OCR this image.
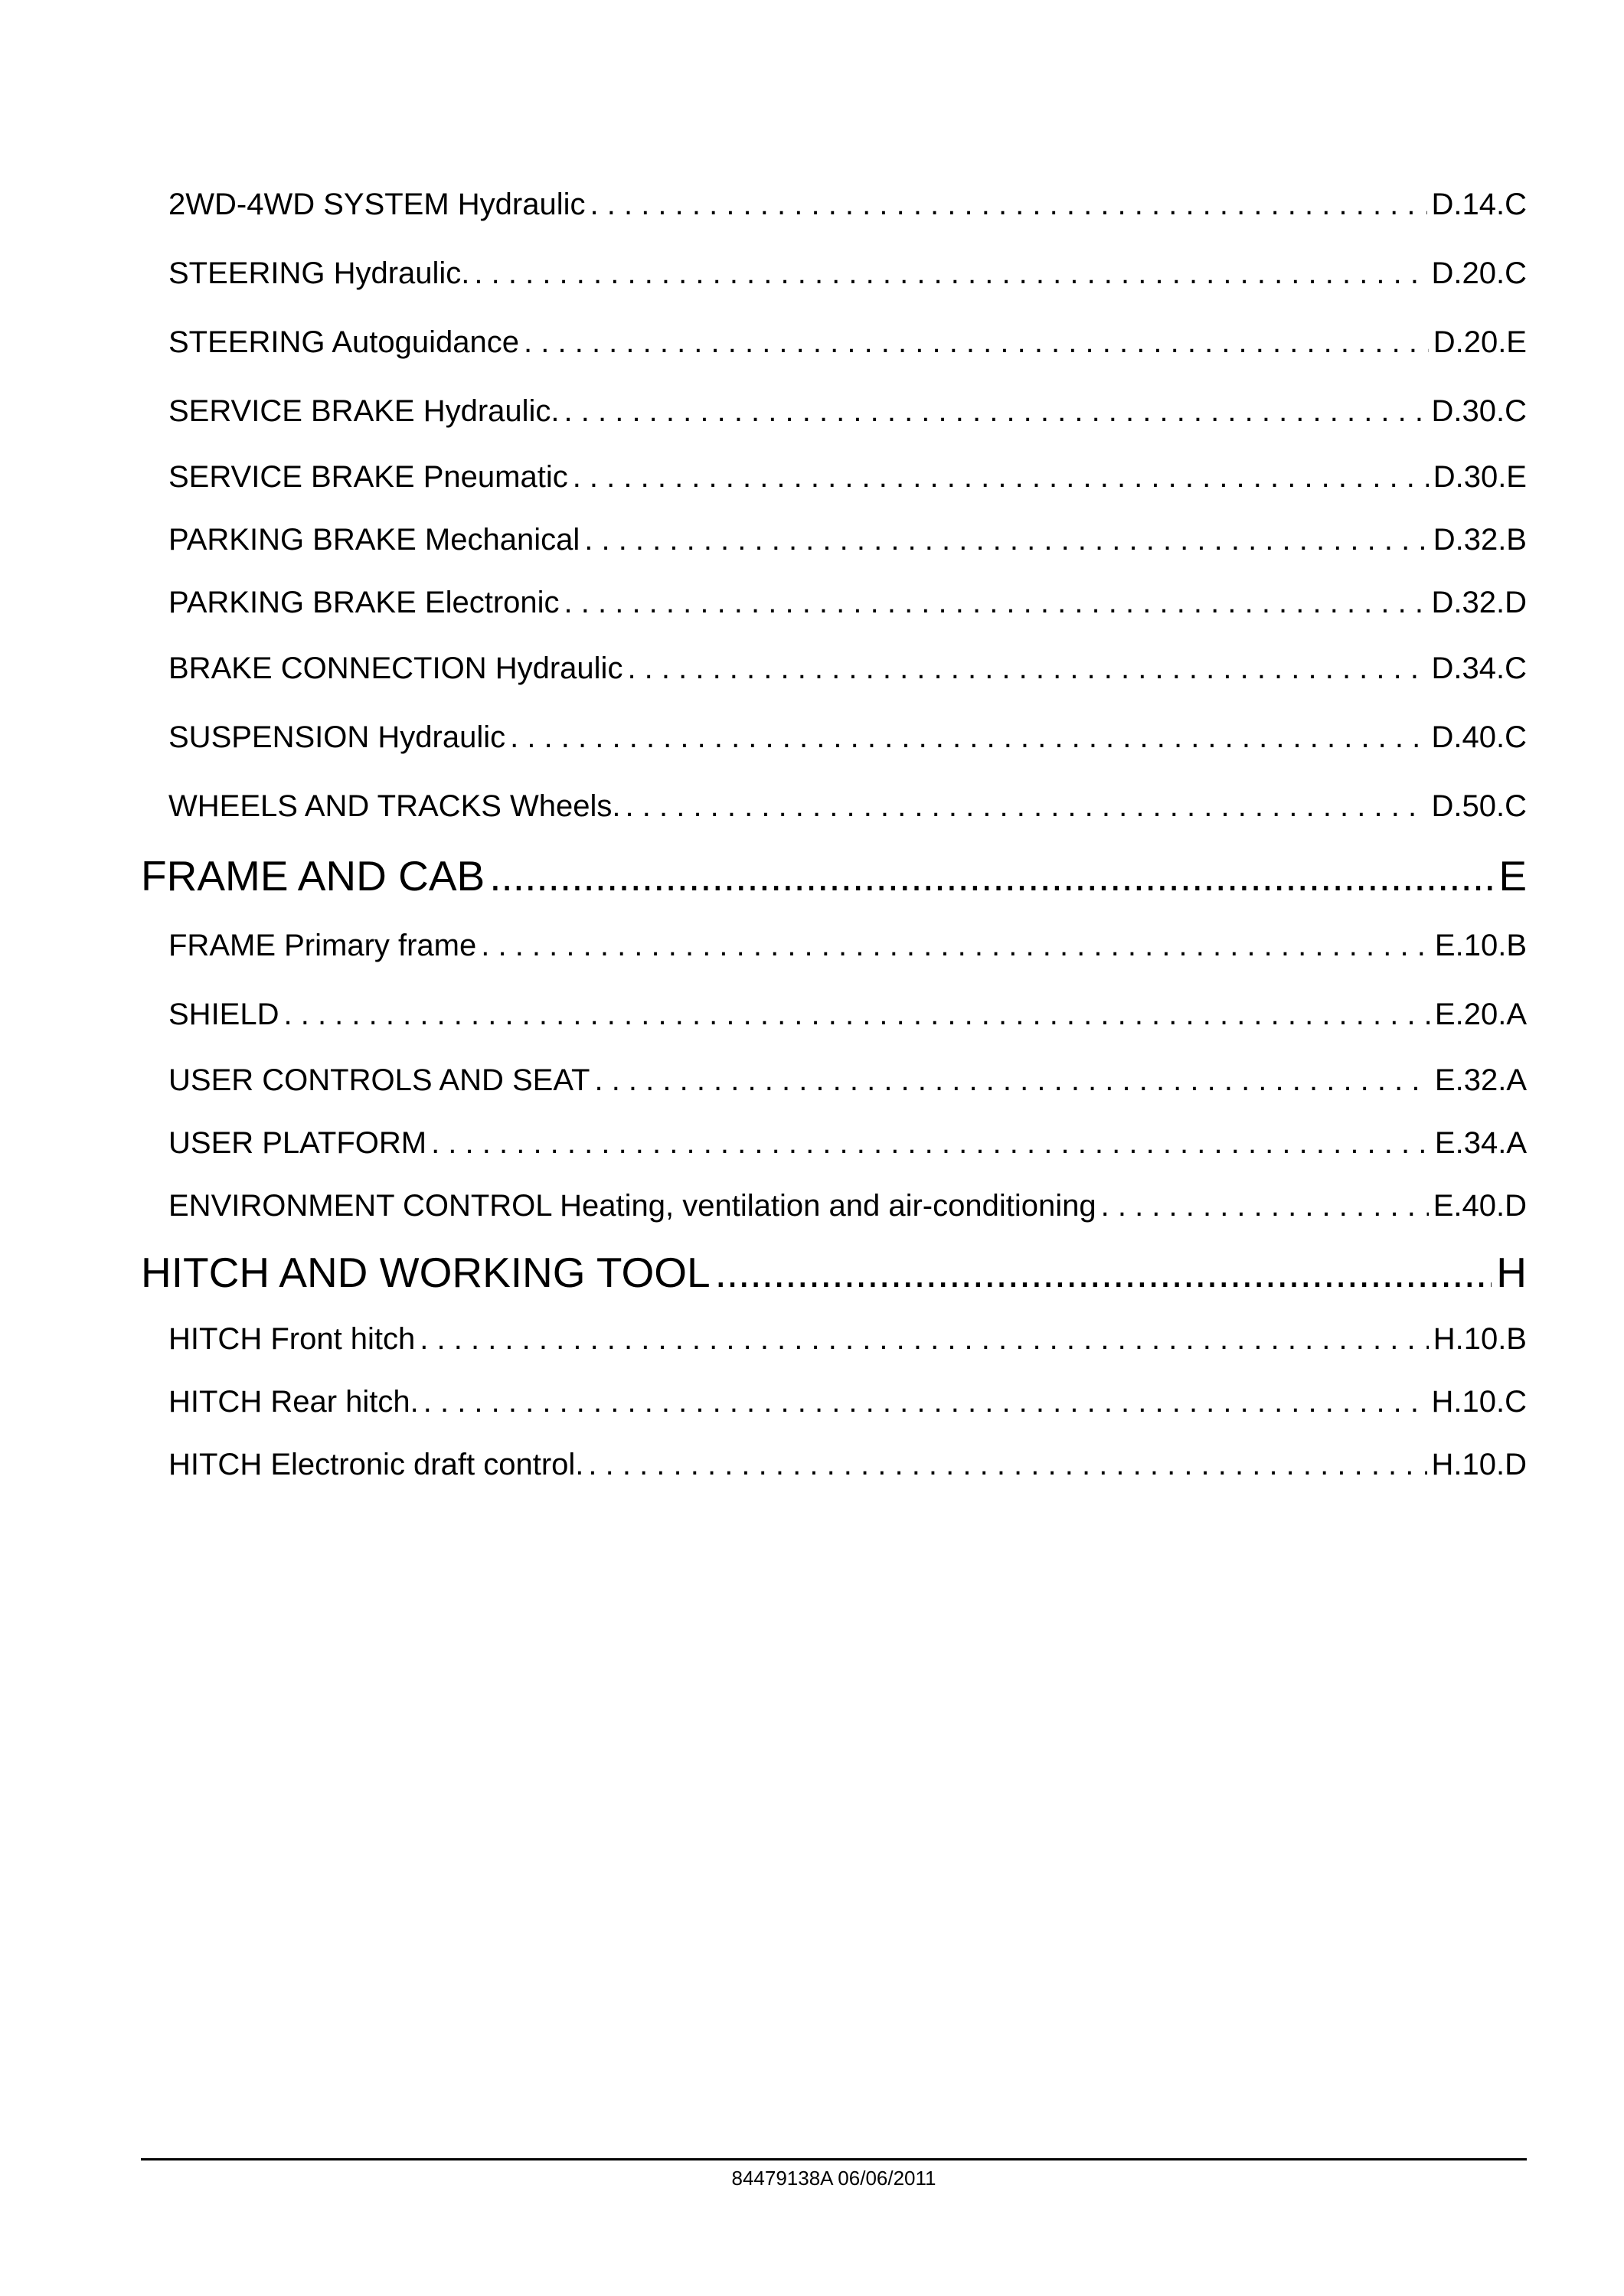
2WD-4WD SYSTEM Hydraulic . . .	D.14.C
STEERING Hydraulic. . . .	D.20.C
STEERING Autoguidance . . .	D.20.E
SERVICE BRAKE Hydraulic. . . .	D.30.C
SERVICE BRAKE Pneumatic . . .	D.30.E
PARKING BRAKE Mechanical . . .	D.32.B
PARKING BRAKE Electronic . . .	D.32.D
BRAKE CONNECTION Hydraulic . . .	D.34.C
SUSPENSION Hydraulic . . .	D.40.C
WHEELS AND TRACKS Wheels. . . .	D.50.C
FRAME AND CAB .....	E
FRAME Primary frame . . .	E.10.B
SHIELD . . .	E.20.A
USER CONTROLS AND SEAT . . .	E.32.A
USER PLATFORM . . .	E.34.A
ENVIRONMENT CONTROL Heating, ventilation and air-conditioning . . .	E.40.D
HITCH AND WORKING TOOL .....	H
HITCH Front hitch . . .	H.10.B
HITCH Rear hitch. . . .	H.10.C
HITCH Electronic draft control. . . .	H.10.D
84479138A 06/06/2011
